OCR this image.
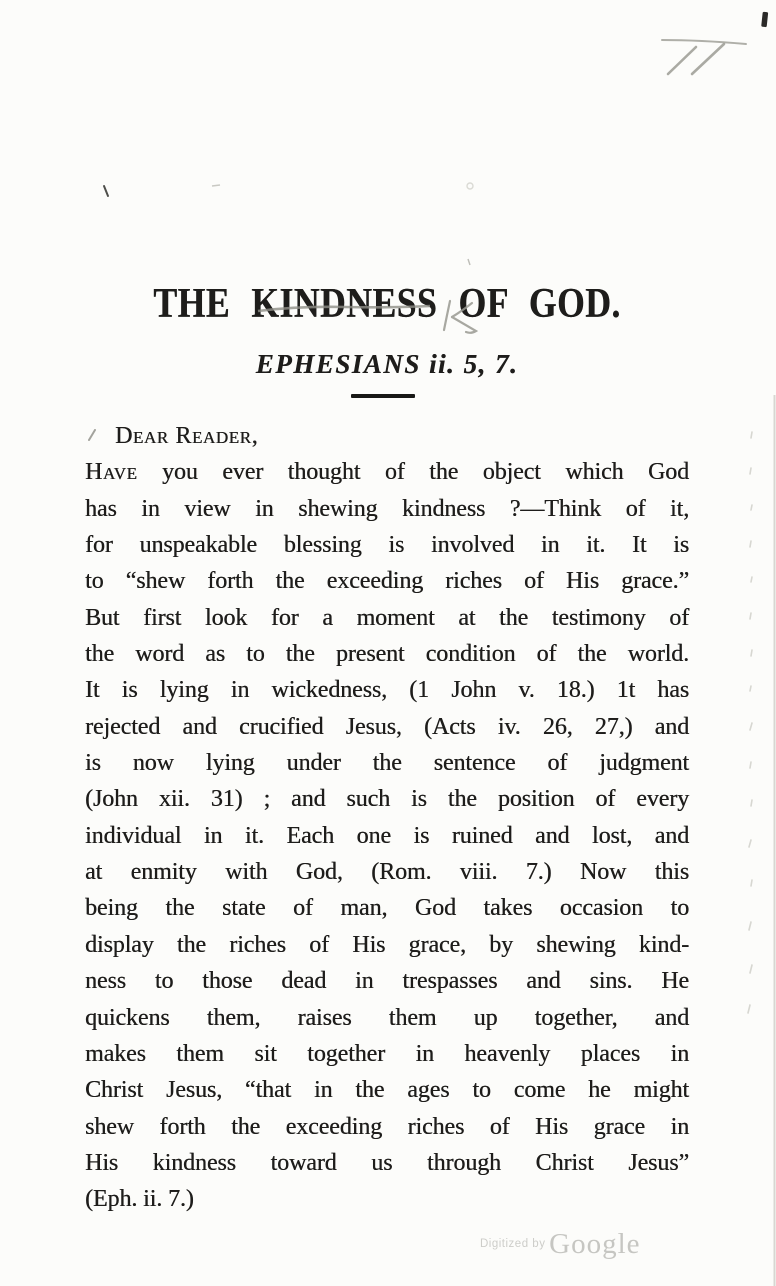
THE KINDNESS OF GOD.
EPHESIANS ii. 5, 7.
Dear Reader,
Have you ever thought of the object which God
has in view in shewing kindness ?—Think of it,
for unspeakable blessing is involved in it. It is
to “shew forth the exceeding riches of His grace.”
But first look for a moment at the testimony of
the word as to the present condition of the world.
It is lying in wickedness, (1 John v. 18.) 1t has
rejected and crucified Jesus, (Acts iv. 26, 27,) and
is now lying under the sentence of judgment
(John xii. 31) ; and such is the position of every
individual in it. Each one is ruined and lost, and
at enmity with God, (Rom. viii. 7.) Now this
being the state of man, God takes occasion to
display the riches of His grace, by shewing kind-
ness to those dead in trespasses and sins. He
quickens them, raises them up together, and
makes them sit together in heavenly places in
Christ Jesus, “that in the ages to come he might
shew forth the exceeding riches of His grace in
His kindness toward us through Christ Jesus”
(Eph. ii. 7.)
$^{Digitized by}$ Google
